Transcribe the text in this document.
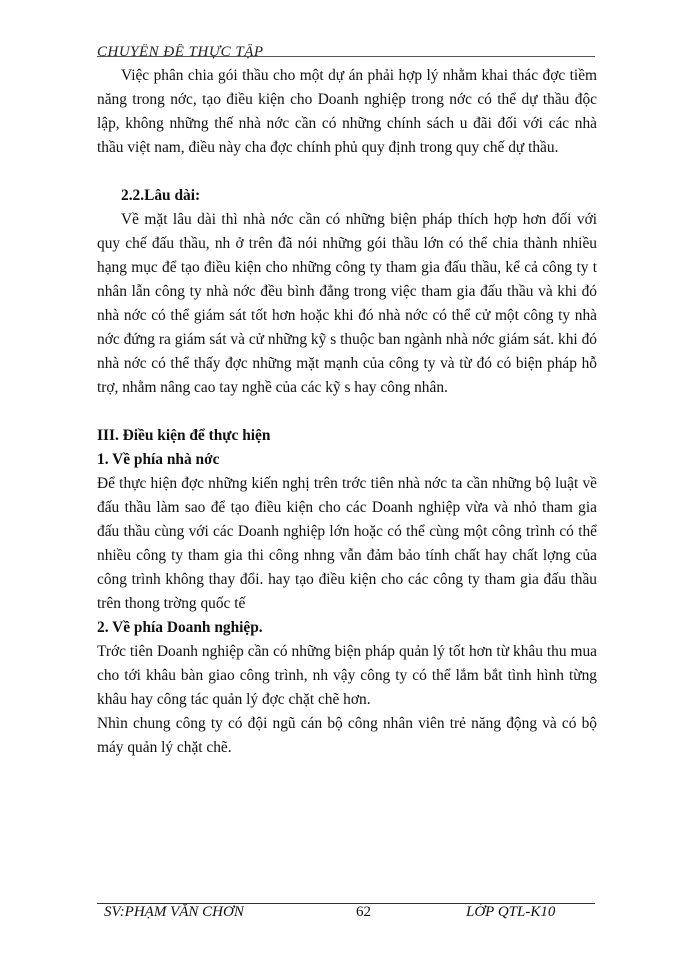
CHUYÊN ĐỀ THỰC TẬP

Việc phân chia gói thầu cho một dự án phải hợp lý nhằm khai thác đợc tiềm năng trong nớc, tạo điều kiện cho Doanh nghiệp trong nớc có thể dự thầu độc lập, không những thế nhà nớc cần có những chính sách u đãi đối với các nhà thầu việt nam, điều này cha đợc chính phủ quy định trong quy chế dự thầu.

2.2.Lâu dài:

Về mặt lâu dài thì nhà nớc cần có những biện pháp thích hợp hơn đối với quy chế đấu thầu, nh ở trên đã nói những gói thầu lớn có thể chia thành nhiều hạng mục để tạo điều kiện cho những công ty tham gia đấu thầu, kể cả công ty t nhân lẫn công ty nhà nớc đều bình đẳng trong việc tham gia đấu thầu và khi đó nhà nớc có thể giám sát tốt hơn hoặc khi đó nhà nớc có thể cử một công ty nhà nớc đứng ra giám sát và cử những kỹ s thuộc ban ngành nhà nớc giám sát. khi đó nhà nớc có thể thấy đợc những mặt mạnh của công ty và từ đó có biện pháp hỗ trợ, nhằm nâng cao tay nghề của các kỹ s hay công nhân.

III. Điều kiện để thực hiện

1. Về phía nhà nớc

Để thực hiện đợc những kiến nghị trên trớc tiên nhà nớc ta cần những bộ luật về đấu thầu làm sao để tạo điều kiện cho các Doanh nghiệp vừa và nhỏ tham gia đấu thầu cùng với các Doanh nghiệp lớn hoặc có thể cùng một công trình có thể nhiều công ty tham gia thi công nhng vẫn đảm bảo tính chất hay chất lợng của công trình không thay đổi. hay tạo điều kiện cho các công ty tham gia đấu thầu trên thong trờng quốc tế

2. Về phía Doanh nghiệp.

Trớc tiên Doanh nghiệp cần có những biện pháp quản lý tốt hơn từ khâu thu mua cho tới khâu bàn giao công trình, nh vậy công ty có thể lắm bắt tình hình từng khâu hay công tác quản lý đợc chặt chẽ hơn.

Nhìn chung công ty có đội ngũ cán bộ công nhân viên trẻ năng động và có bộ máy quản lý chặt chẽ.

SV:PHẠM VĂN CHƠN	62	LỚP QTL-K10
